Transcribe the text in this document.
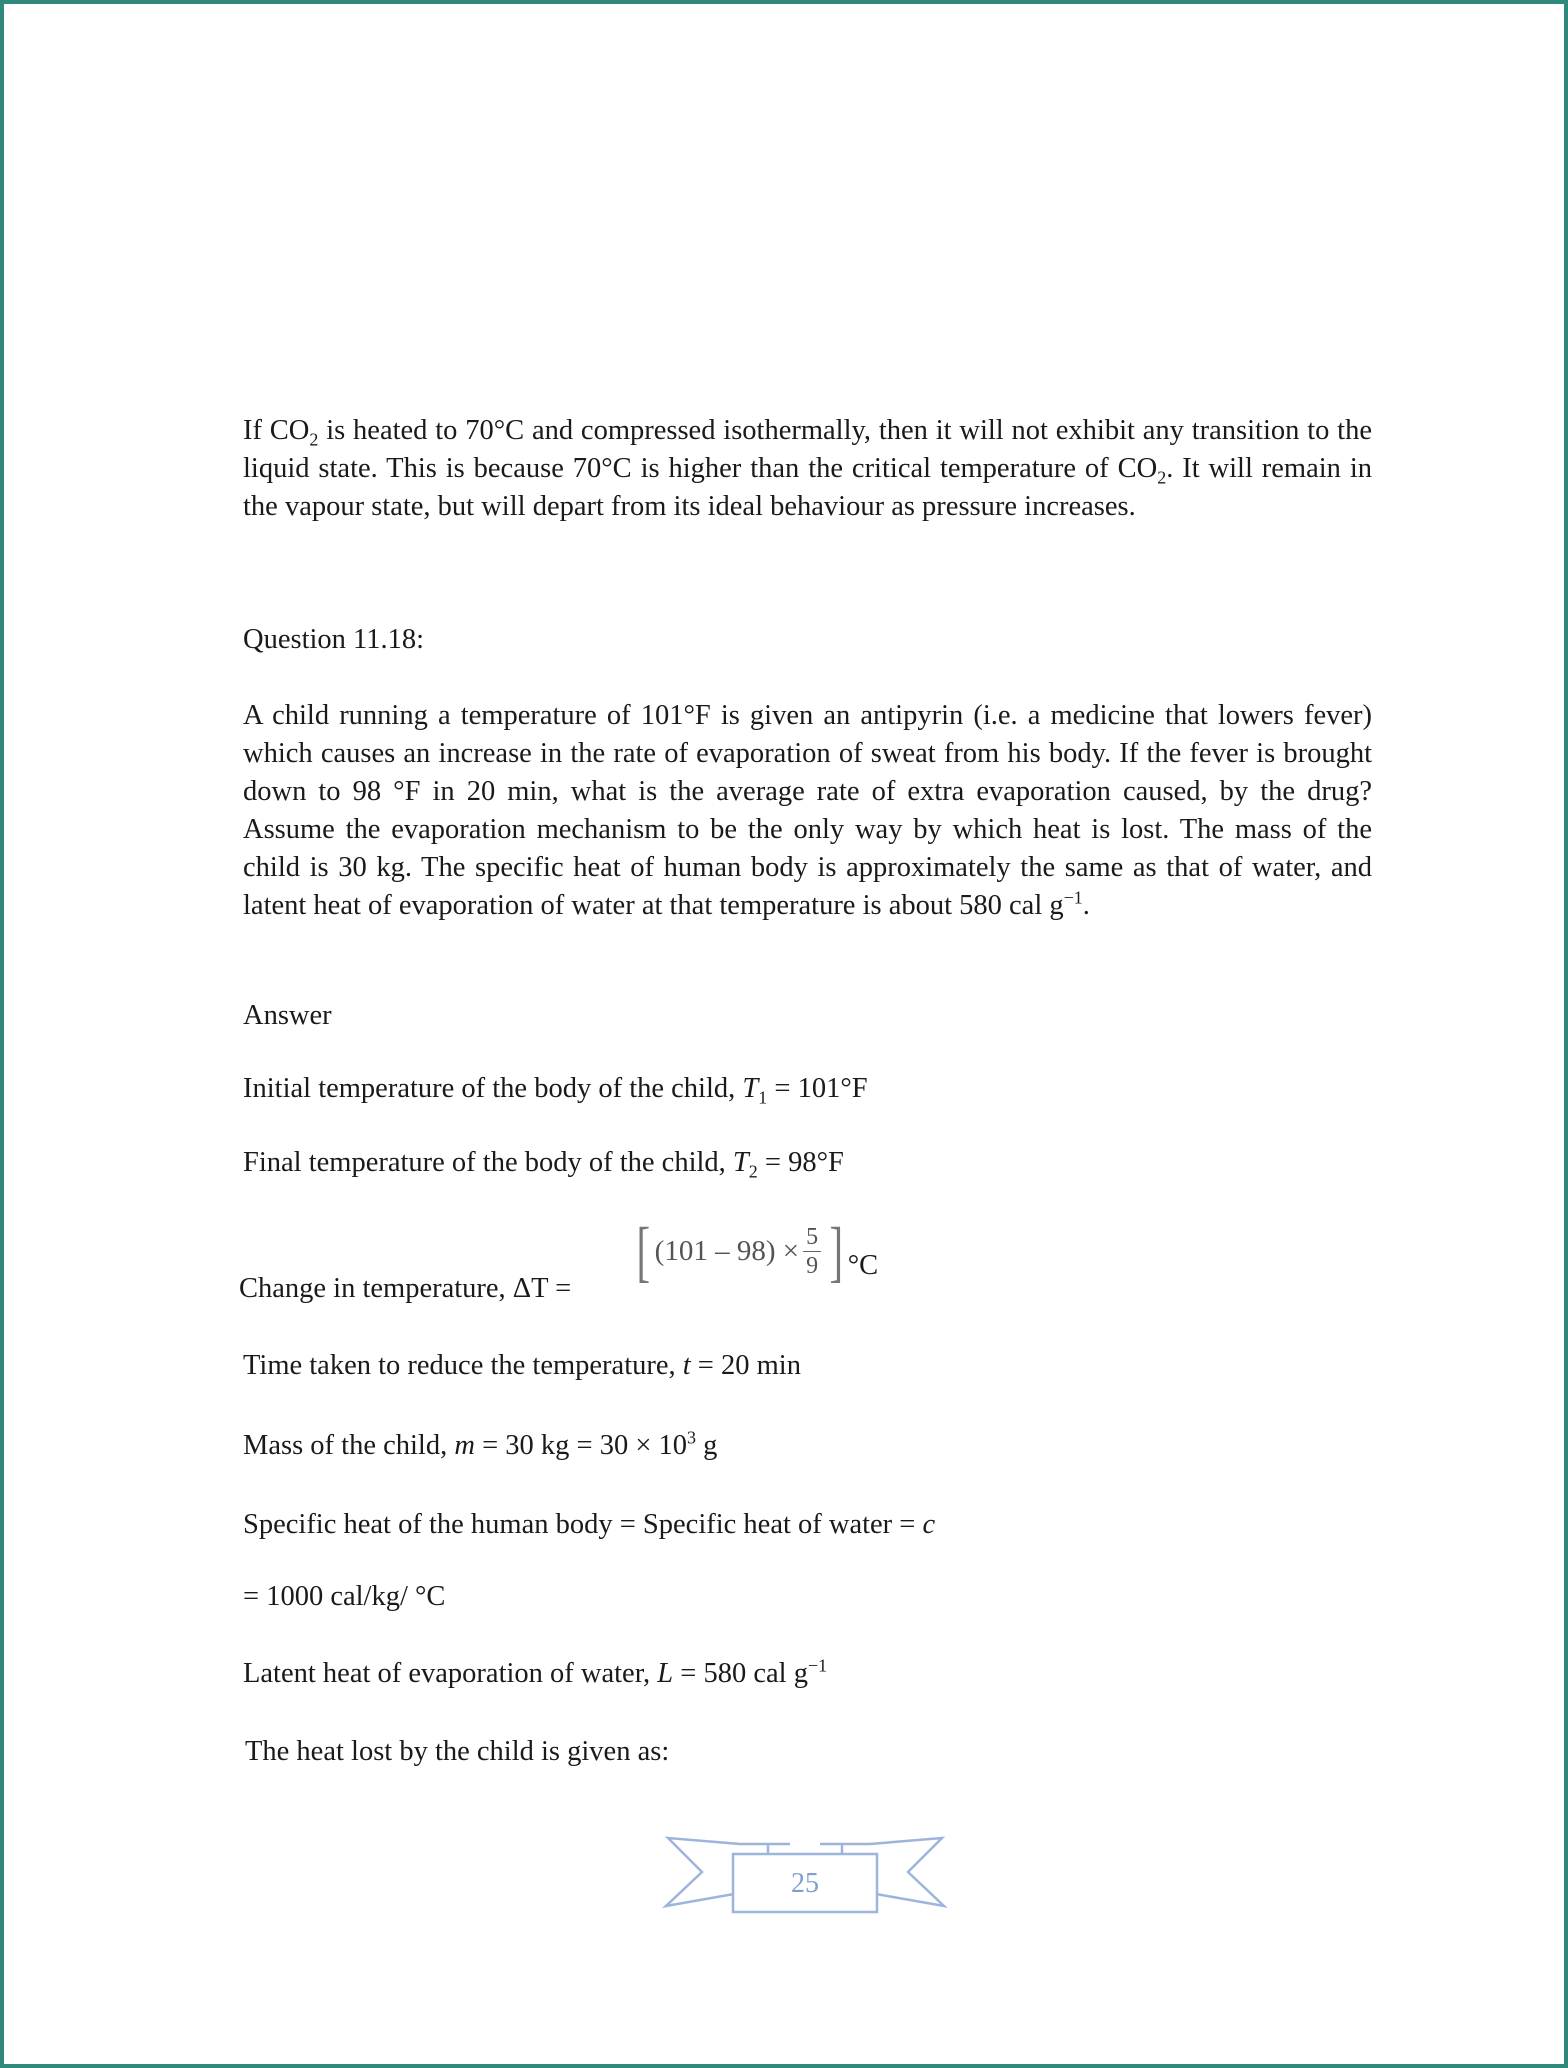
If $CO_2$ is heated to 70°C and compressed isothermally, then it will not exhibit any transition to the liquid state. This is because 70°C is higher than the critical temperature of $CO_2$. It will remain in the vapour state, but will depart from its ideal behaviour as pressure increases.

Question 11.18:

A child running a temperature of 101°F is given an antipyrin (i.e. a medicine that lowers fever) which causes an increase in the rate of evaporation of sweat from his body. If the fever is brought down to 98 °F in 20 min, what is the average rate of extra evaporation caused, by the drug? Assume the evaporation mechanism to be the only way by which heat is lost. The mass of the child is 30 kg. The specific heat of human body is approximately the same as that of water, and latent heat of evaporation of water at that temperature is about 580 cal $g^{-1}$.

Answer
Initial temperature of the body of the child, $T_1 = 101^\circ F$
Final temperature of the body of the child, $T_2 = 98^\circ F$
Change in temperature, ΔT = [ $(101 - 98) \times \frac{5}{9}$ ] °C
Time taken to reduce the temperature, t = 20 min
Mass of the child, m = 30 kg = $30 \times 10^3$ g
Specific heat of the human body = Specific heat of water = c
= 1000 cal/kg/ °C
Latent heat of evaporation of water, L = 580 cal $g^{-1}$
The heat lost by the child is given as:
25
